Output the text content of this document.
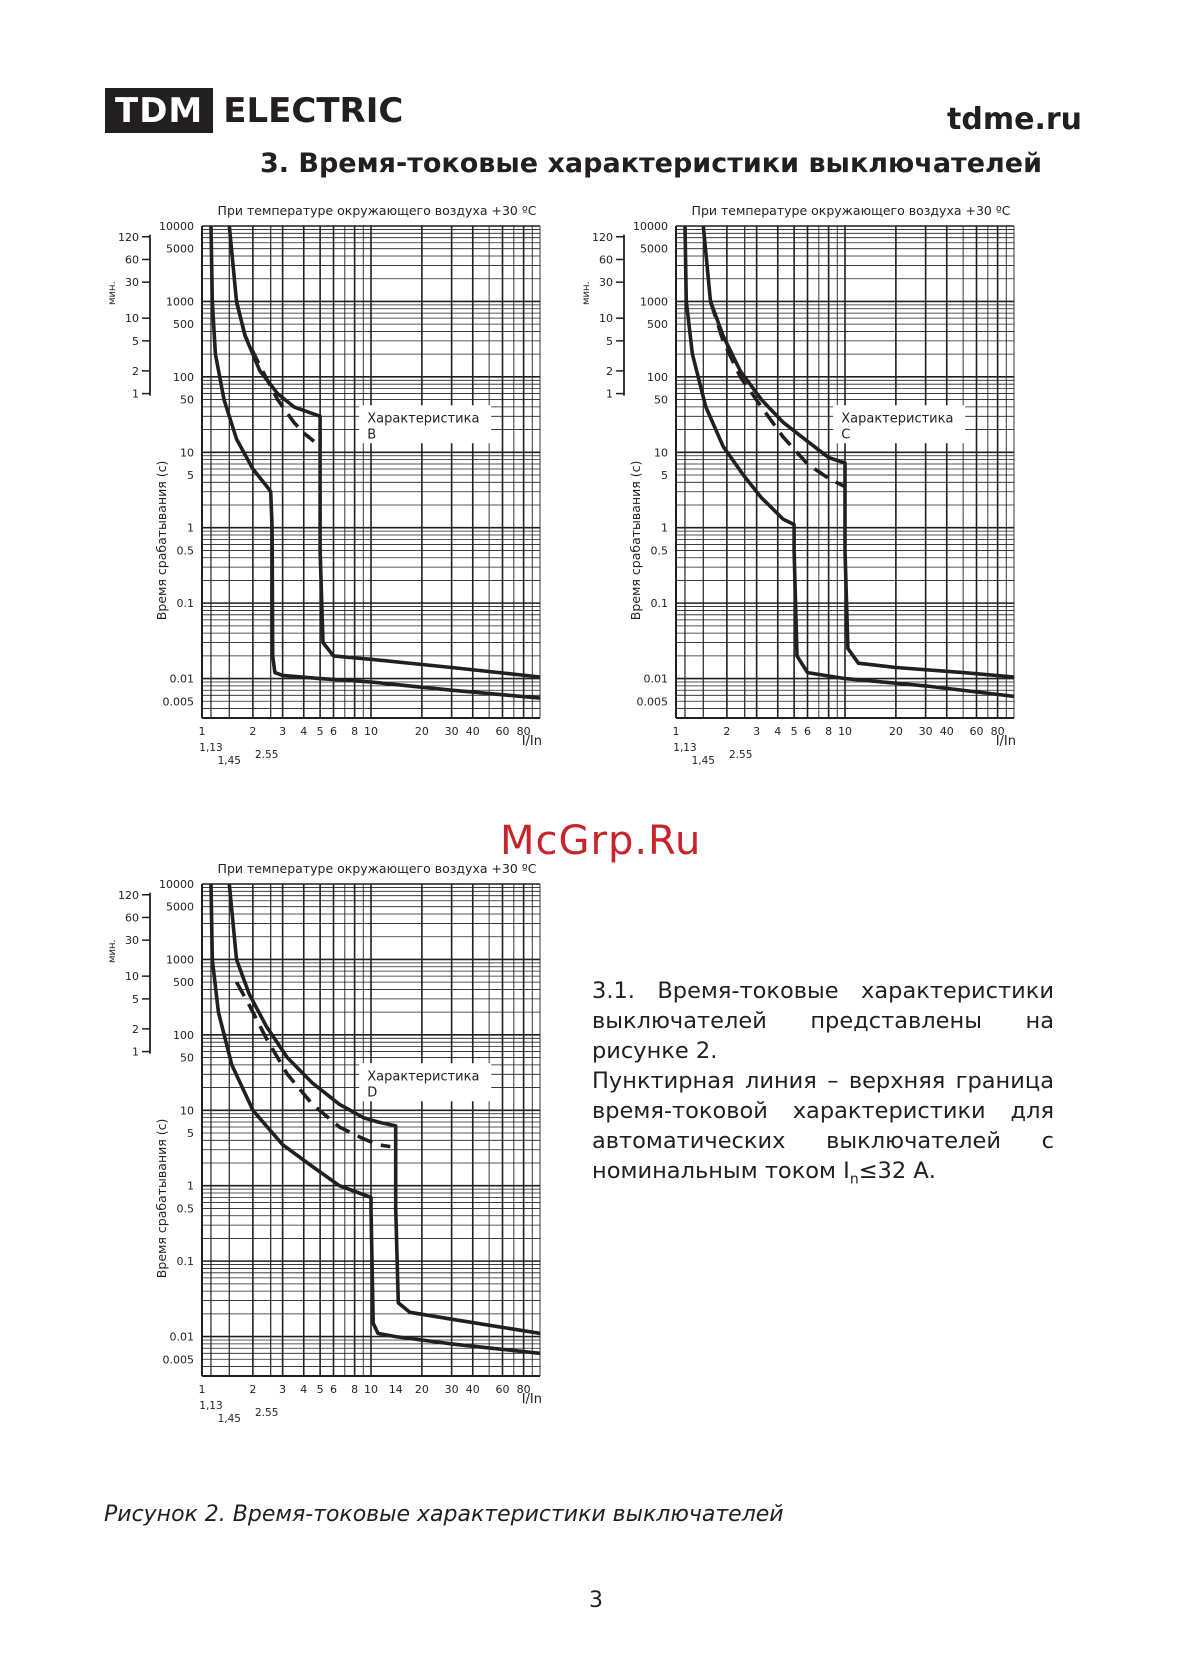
TDM ELECTRIC	tdme.ru
3. Время-токовые характеристики выключателей
При температуре окружающего воздуха +30 ºС
10000
5000
1000
500
100
50
10
5
1
0.5
0.1
0.01
0.005
120
60
30
10
5
2
1
мин.
Время срабатывания (с)
1	2 3 4 5 6 8 10	20 30 40 60 80
1,13
1,45 2.55
I/In
Характеристика
B
При температуре окружающего воздуха +30 ºС
10000
5000
1000
500
100
50
10
5
1
0.5
0.1
0.01
0.005
120
60
30
10
5
2
1
мин.
Время срабатывания (с)
1	2 3 4 5 6 8 10	20 30 40 60 80
1,13
1,45 2.55
I/In
Характеристика
C
При температуре окружающего воздуха +30 ºС
10000
5000
1000
500
100
50
10
5
1
0.5
0.1
0.01
0.005
120
60
30
10
5
2
1
мин.
Время срабатывания (с)
1	2 3 4 5 6 8 10 14 20 30 40 60 80
1,13
1,45 2.55
I/In
Характеристика
D
McGrp.Ru

3.1. Время-токовые характеристики выключателей представлены на рисунке 2.

Пунктирная линия – верхняя граница время-токовой характеристики для автоматических выключателей с номинальным током $I_n\le 32$ А.

Рисунок 2. Время-токовые характеристики выключателей
3
